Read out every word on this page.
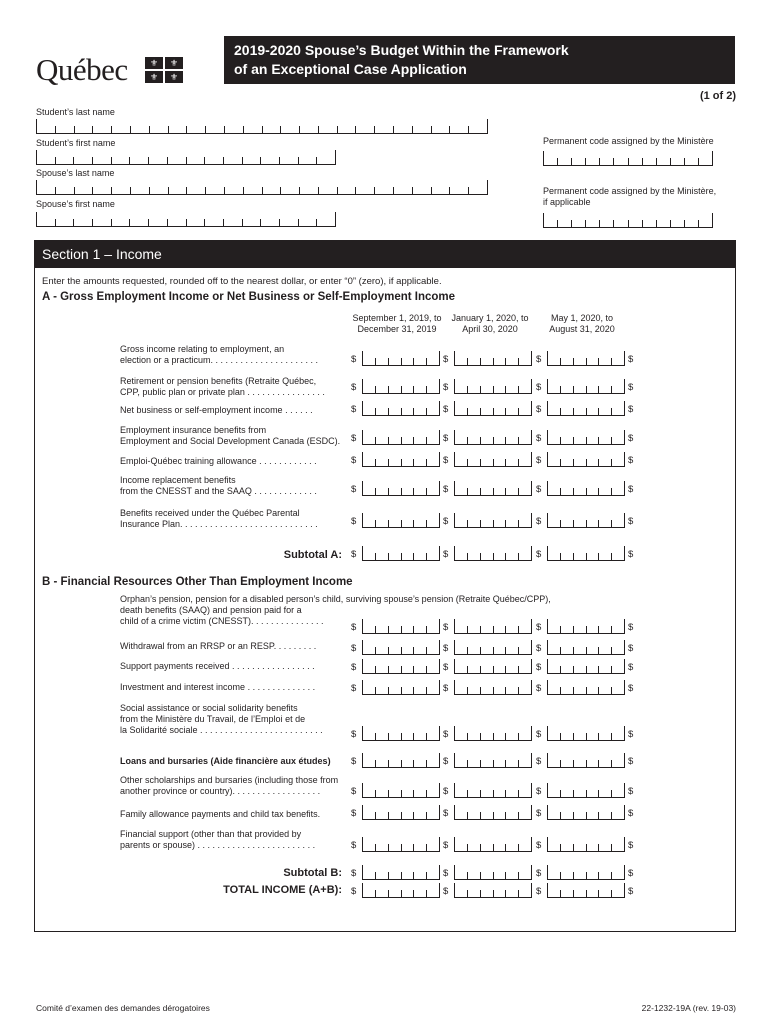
Québec	⚜	⚜
⚜	⚜
2019-2020 Spouse’s Budget Within the Framework
of an Exceptional Case Application
(1 of 2)
Student’s last name
Student’s first name	Permanent code assigned by the Ministère
Spouse’s last name
Permanent code assigned by the Ministère,
if applicable
Spouse’s first name
Section 1 – Income
Enter the amounts requested, rounded off to the nearest dollar, or enter “0” (zero), if applicable.
A - Gross Employment Income or Net Business or Self-Employment Income
September 1, 2019, to
December 31, 2019
January 1, 2020, to
April 30, 2020
May 1, 2020, to
August 31, 2020
Gross income relating to employment, an
election or a practicum. . . . . . . . . . . . . . . . . . . . . .	$	$	$	$
Retirement or pension benefits (Retraite Québec,
CPP, public plan or private plan . . . . . . . . . . . . . . . .	$	$	$	$
Net business or self-employment income . . . . . .	$	$	$	$
Employment insurance benefits from
Employment and Social Development Canada (ESDC).	$	$	$	$
Emploi-Québec training allowance . . . . . . . . . . . .	$	$	$	$
Income replacement benefits
from the CNESST and the SAAQ . . . . . . . . . . . . .	$	$	$	$
Benefits received under the Québec Parental
Insurance Plan. . . . . . . . . . . . . . . . . . . . . . . . . . . .	$	$	$	$
Subtotal A: $	$	$	$
B - Financial Resources Other Than Employment Income
Orphan’s pension, pension for a disabled person’s child, surviving spouse’s pension (Retraite Québec/CPP),
death benefits (SAAQ) and pension paid for a
child of a crime victim (CNESST). . . . . . . . . . . . . . .
$	$	$	$
Withdrawal from an RRSP or an RESP. . . . . . . . .	$	$	$	$
Support payments received . . . . . . . . . . . . . . . . .	$	$	$	$
Investment and interest income . . . . . . . . . . . . . .	$	$	$	$
Social assistance or social solidarity benefits
from the Ministère du Travail, de l’Emploi et de
la Solidarité sociale . . . . . . . . . . . . . . . . . . . . . . . . .	$	$	$	$
Loans and bursaries (Aide financière aux études)	$	$	$	$
Other scholarships and bursaries (including those from
another province or country). . . . . . . . . . . . . . . . . .	$	$	$	$
Family allowance payments and child tax benefits.	$	$	$	$
Financial support (other than that provided by
parents or spouse) . . . . . . . . . . . . . . . . . . . . . . . .	$	$	$	$
Subtotal B: $	$	$	$
TOTAL INCOME (A+B): $	$	$	$
Comité d’examen des demandes dérogatoires	22-1232-19A (rev. 19-03)
